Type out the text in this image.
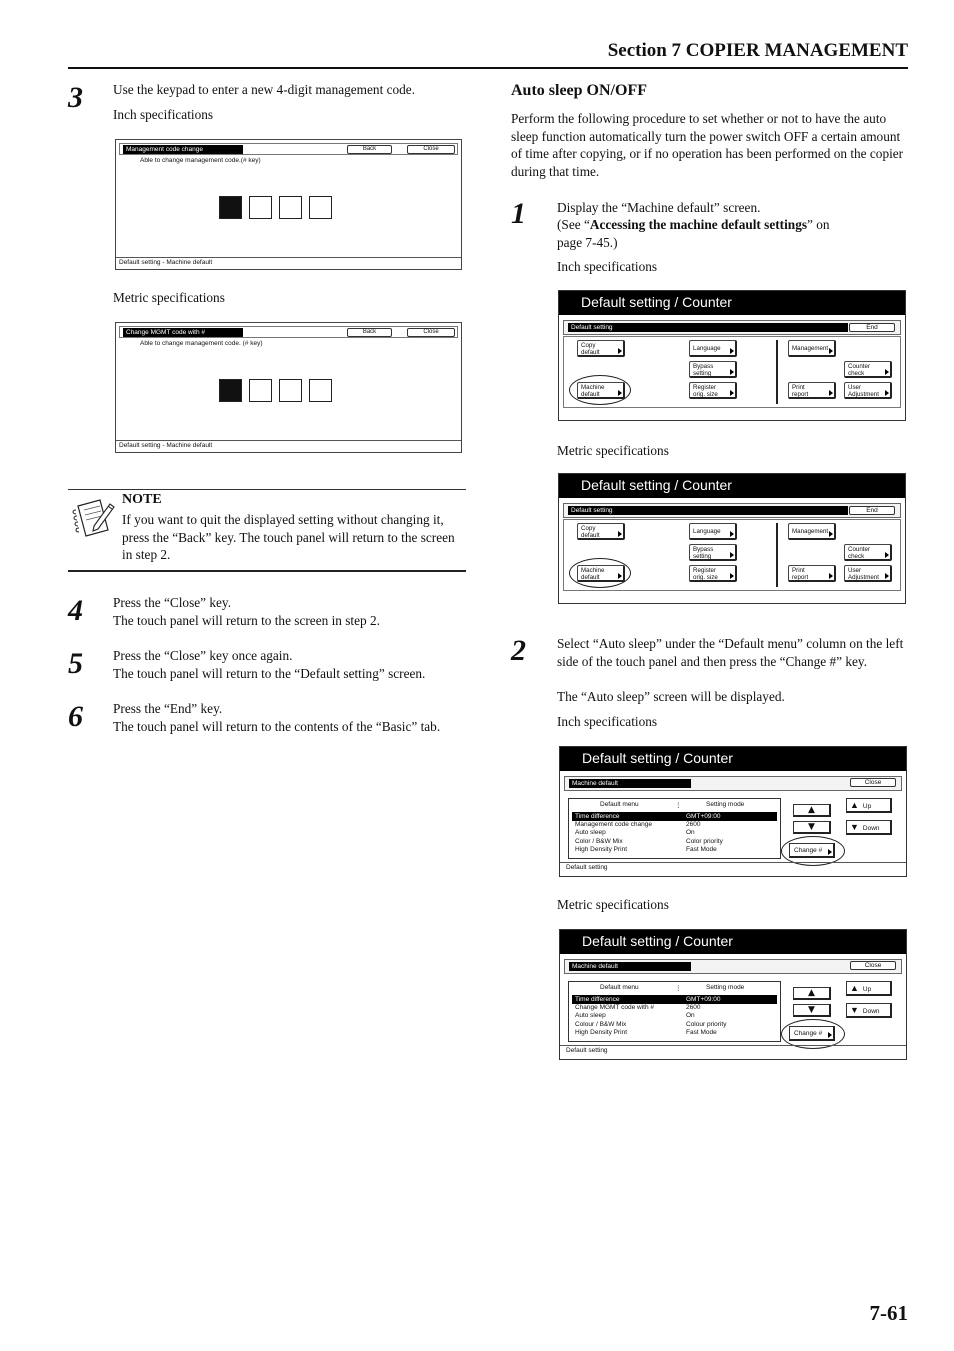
Section 7 COPIER MANAGEMENT
3 Use the keypad to enter a new 4-digit management code.
Inch specifications
Management code change	Back	Close
Able to change management code.(# key)
Default setting - Machine default
Metric specifications
Change MGMT code with #	Back	Close
Able to change management code. (# key)
Default setting - Machine default
NOTE
If you want to quit the displayed setting without changing it, press the “Back” key. The touch panel will return to the screen in step 2.
4 Press the “Close” key.
The touch panel will return to the screen in step 2.
5 Press the “Close” key once again.
The touch panel will return to the “Default setting” screen.
6 Press the “End” key.
The touch panel will return to the contents of the “Basic” tab.
Auto sleep ON/OFF
Perform the following procedure to set whether or not to have the auto sleep function automatically turn the power switch OFF a certain amount of time after copying, or if no operation has been performed on the copier during that time.
1 Display the “Machine default” screen.
(See “Accessing the machine default settings” on
page 7-45.)
Inch specifications
Default setting / Counter
Default setting	End
Copy
default
Machine
default
Language
Bypass
setting
Register
orig. size
Management
Print
report
Counter
check
User
Adjustment
Metric specifications
Default setting / Counter
Default setting	End
Copy
default
Machine
default
Language
Bypass
setting
Register
orig. size
Management
Print
report
Counter
check
User
Adjustment
2 Select “Auto sleep” under the “Default menu” column on the left side of the touch panel and then press the “Change #” key.
The “Auto sleep” screen will be displayed.
Inch specifications
Default setting / Counter
Machine default	Close
Default menu	⋮	Setting mode
Time difference	GMT+09:00
Management code change	2600
Auto sleep	On
Color / B&W Mix	Color priority
High Density Print	Fast Mode
▲
▼
Change #
▲ Up
▼ Down
Default setting
Metric specifications
Default setting / Counter
Machine default	Close
Default menu	⋮	Setting mode
Time difference	GMT+09:00
Change MGMT code with #	2600
Auto sleep	On
Colour / B&W Mix	Colour priority
High Density Print	Fast Mode
▲
▼
Change #
▲ Up
▼ Down
Default setting
7-61
